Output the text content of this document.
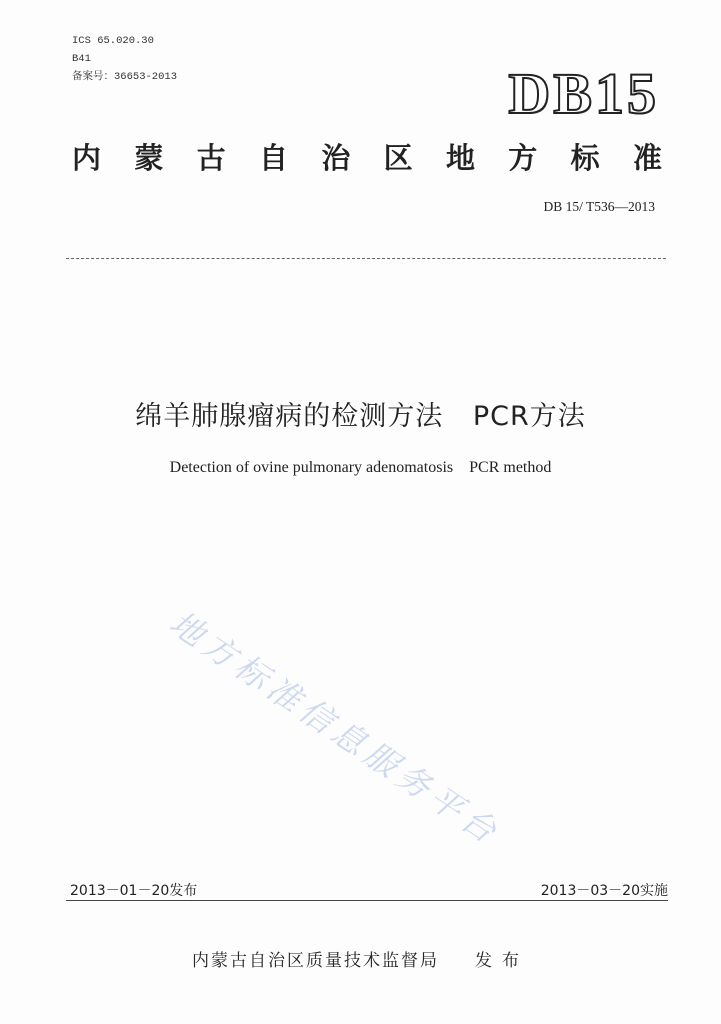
ICS 65.020.30
B41
备案号：36653-2013	DB15
内 蒙 古 自 治 区 地 方 标 准
DB 15/ T536—2013
绵羊肺腺瘤病的检测方法 PCR方法
Detection of ovine pulmonary adenomatosis PCR method
地方标准信息服务平台
2013－01－20发布	2013－03－20实施
内蒙古自治区质量技术监督局 发布
